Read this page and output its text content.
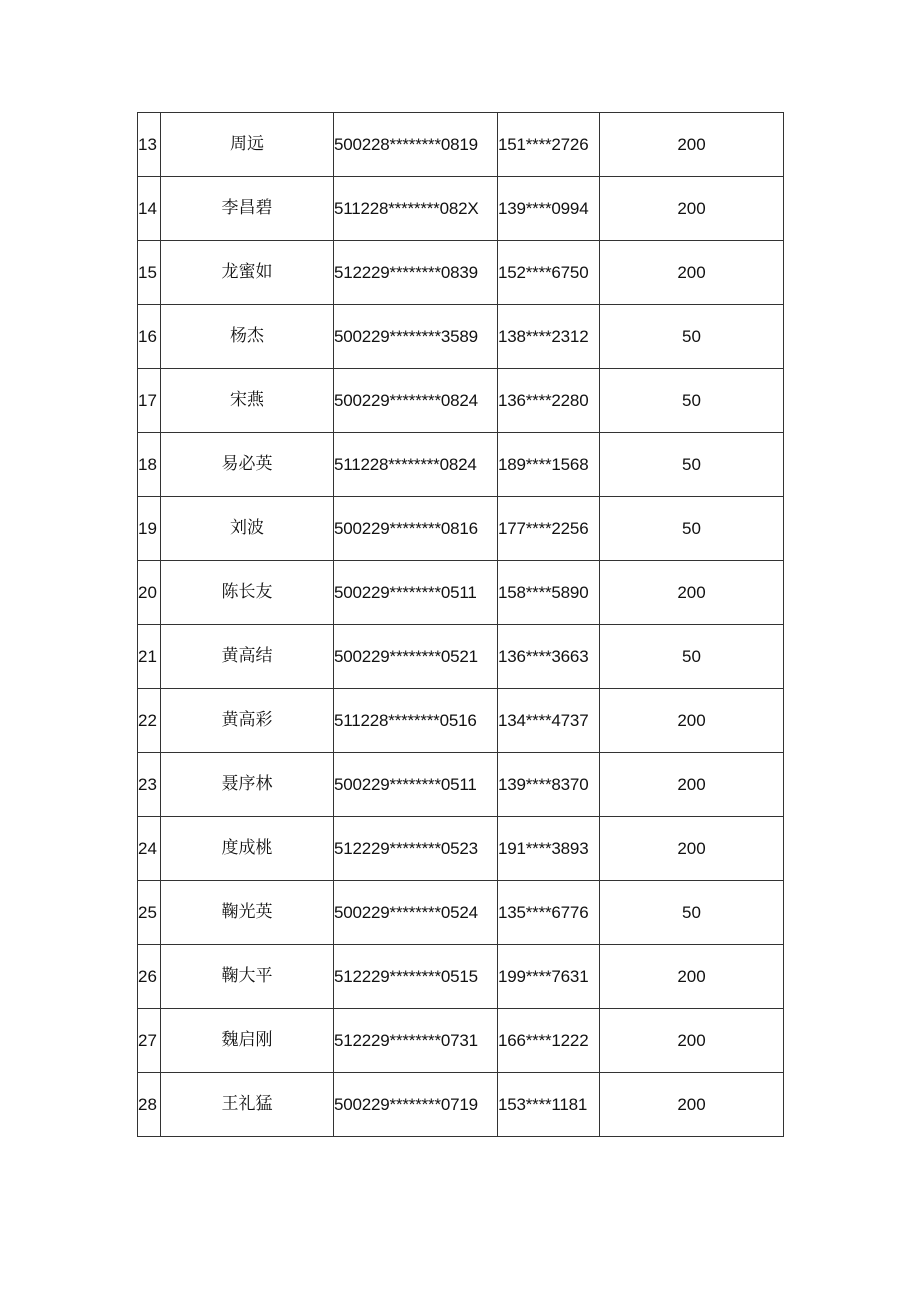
13	周远	500228********0819	151****2726	200
14	李昌碧	511228********082X	139****0994	200
15	龙蜜如	512229********0839	152****6750	200
16	杨杰	500229********3589	138****2312	50
17	宋燕	500229********0824	136****2280	50
18	易必英	511228********0824	189****1568	50
19	刘波	500229********0816	177****2256	50
20	陈长友	500229********0511	158****5890	200
21	黄高结	500229********0521	136****3663	50
22	黄高彩	511228********0516	134****4737	200
23	聂序林	500229********0511	139****8370	200
24	度成桃	512229********0523	191****3893	200
25	鞠光英	500229********0524	135****6776	50
26	鞠大平	512229********0515	199****7631	200
27	魏启刚	512229********0731	166****1222	200
28	王礼猛	500229********0719	153****1181	200
